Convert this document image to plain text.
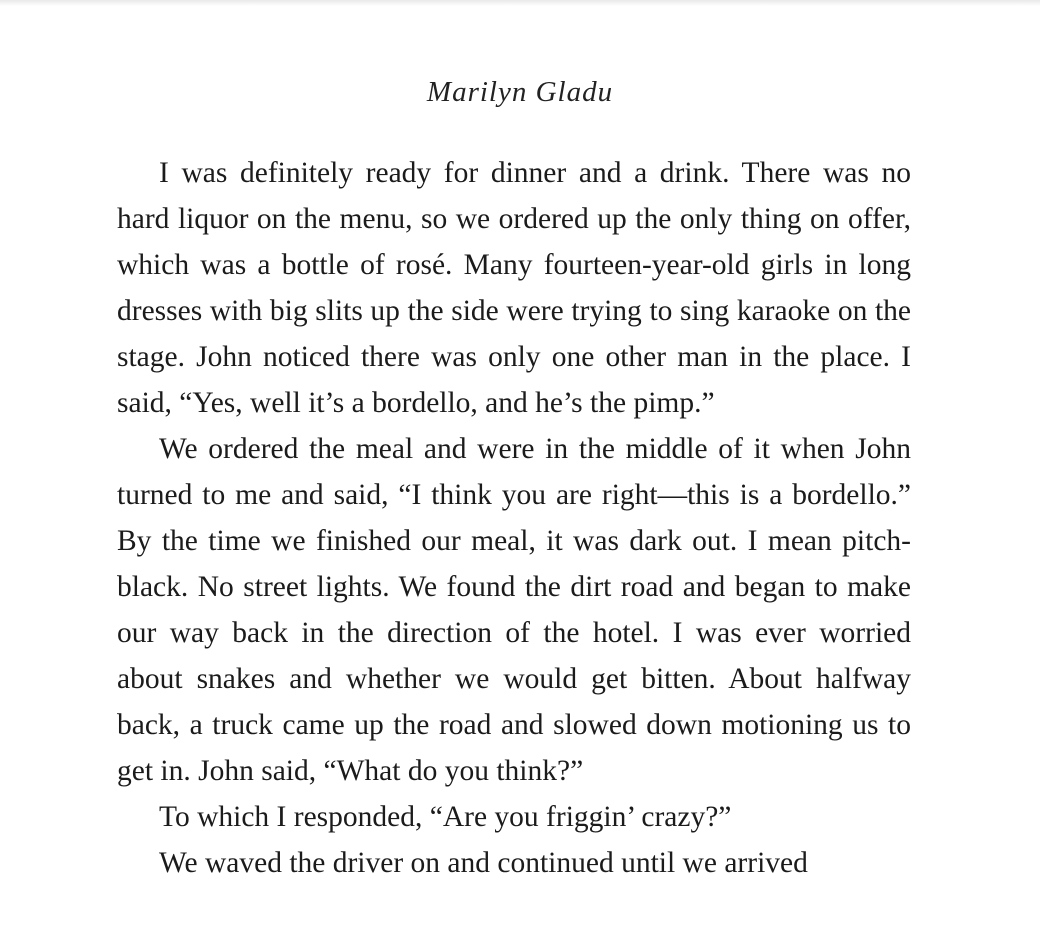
Marilyn Gladu

I was definitely ready for dinner and a drink. There was no hard liquor on the menu, so we ordered up the only thing on offer, which was a bottle of rosé. Many fourteen-year-old girls in long dresses with big slits up the side were trying to sing karaoke on the stage. John noticed there was only one other man in the place. I said, “Yes, well it’s a bordello, and he’s the pimp.”

We ordered the meal and were in the middle of it when John turned to me and said, “I think you are right—this is a bordello.” By the time we finished our meal, it was dark out. I mean pitch-black. No street lights. We found the dirt road and began to make our way back in the direction of the hotel. I was ever worried about snakes and whether we would get bitten. About halfway back, a truck came up the road and slowed down motioning us to get in. John said, “What do you think?”

To which I responded, “Are you friggin’ crazy?”

We waved the driver on and continued until we arrived
